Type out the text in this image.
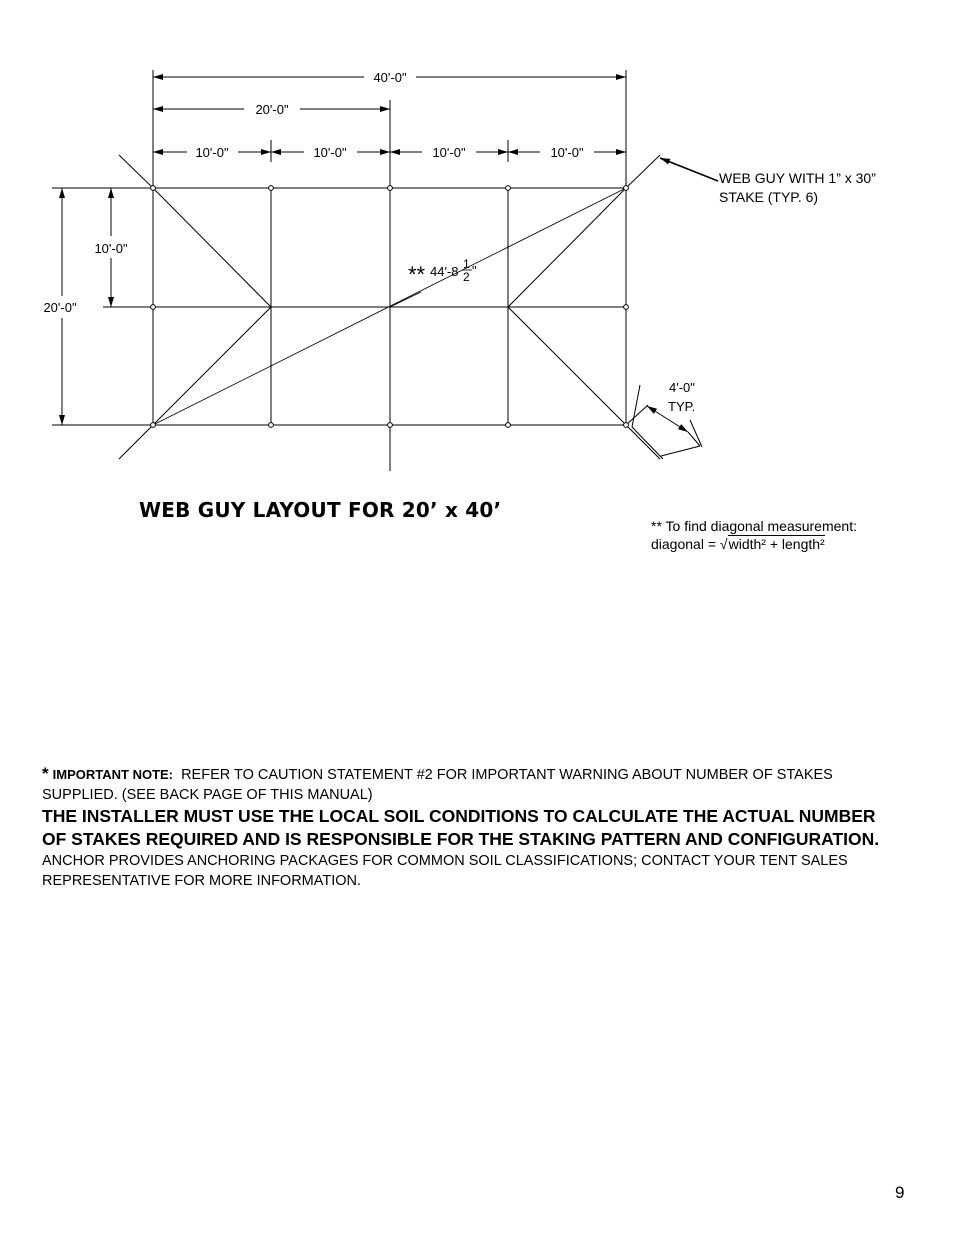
40'-0"
20'-0"
10'-0"	10'-0"	10'-0"	10'-0"
10'-0"
20'-0"
4'-0"
TYP.
** 44'-8 1
2 "
WEB GUY WITH 1” x 30”
STAKE (TYP. 6)
WEB GUY LAYOUT FOR 20’ x 40’
** To find diagonal measurement:
diagonal = √width² + length²
* IMPORTANT NOTE: REFER TO CAUTION STATEMENT #2 FOR IMPORTANT WARNING ABOUT NUMBER OF STAKES SUPPLIED. (SEE BACK PAGE OF THIS MANUAL)
THE INSTALLER MUST USE THE LOCAL SOIL CONDITIONS TO CALCULATE THE ACTUAL NUMBER OF STAKES REQUIRED AND IS RESPONSIBLE FOR THE STAKING PATTERN AND CONFIGURATION.  ANCHOR PROVIDES ANCHORING PACKAGES FOR COMMON SOIL CLASSIFICATIONS; CONTACT YOUR TENT SALES REPRESENTATIVE FOR MORE INFORMATION.
9
